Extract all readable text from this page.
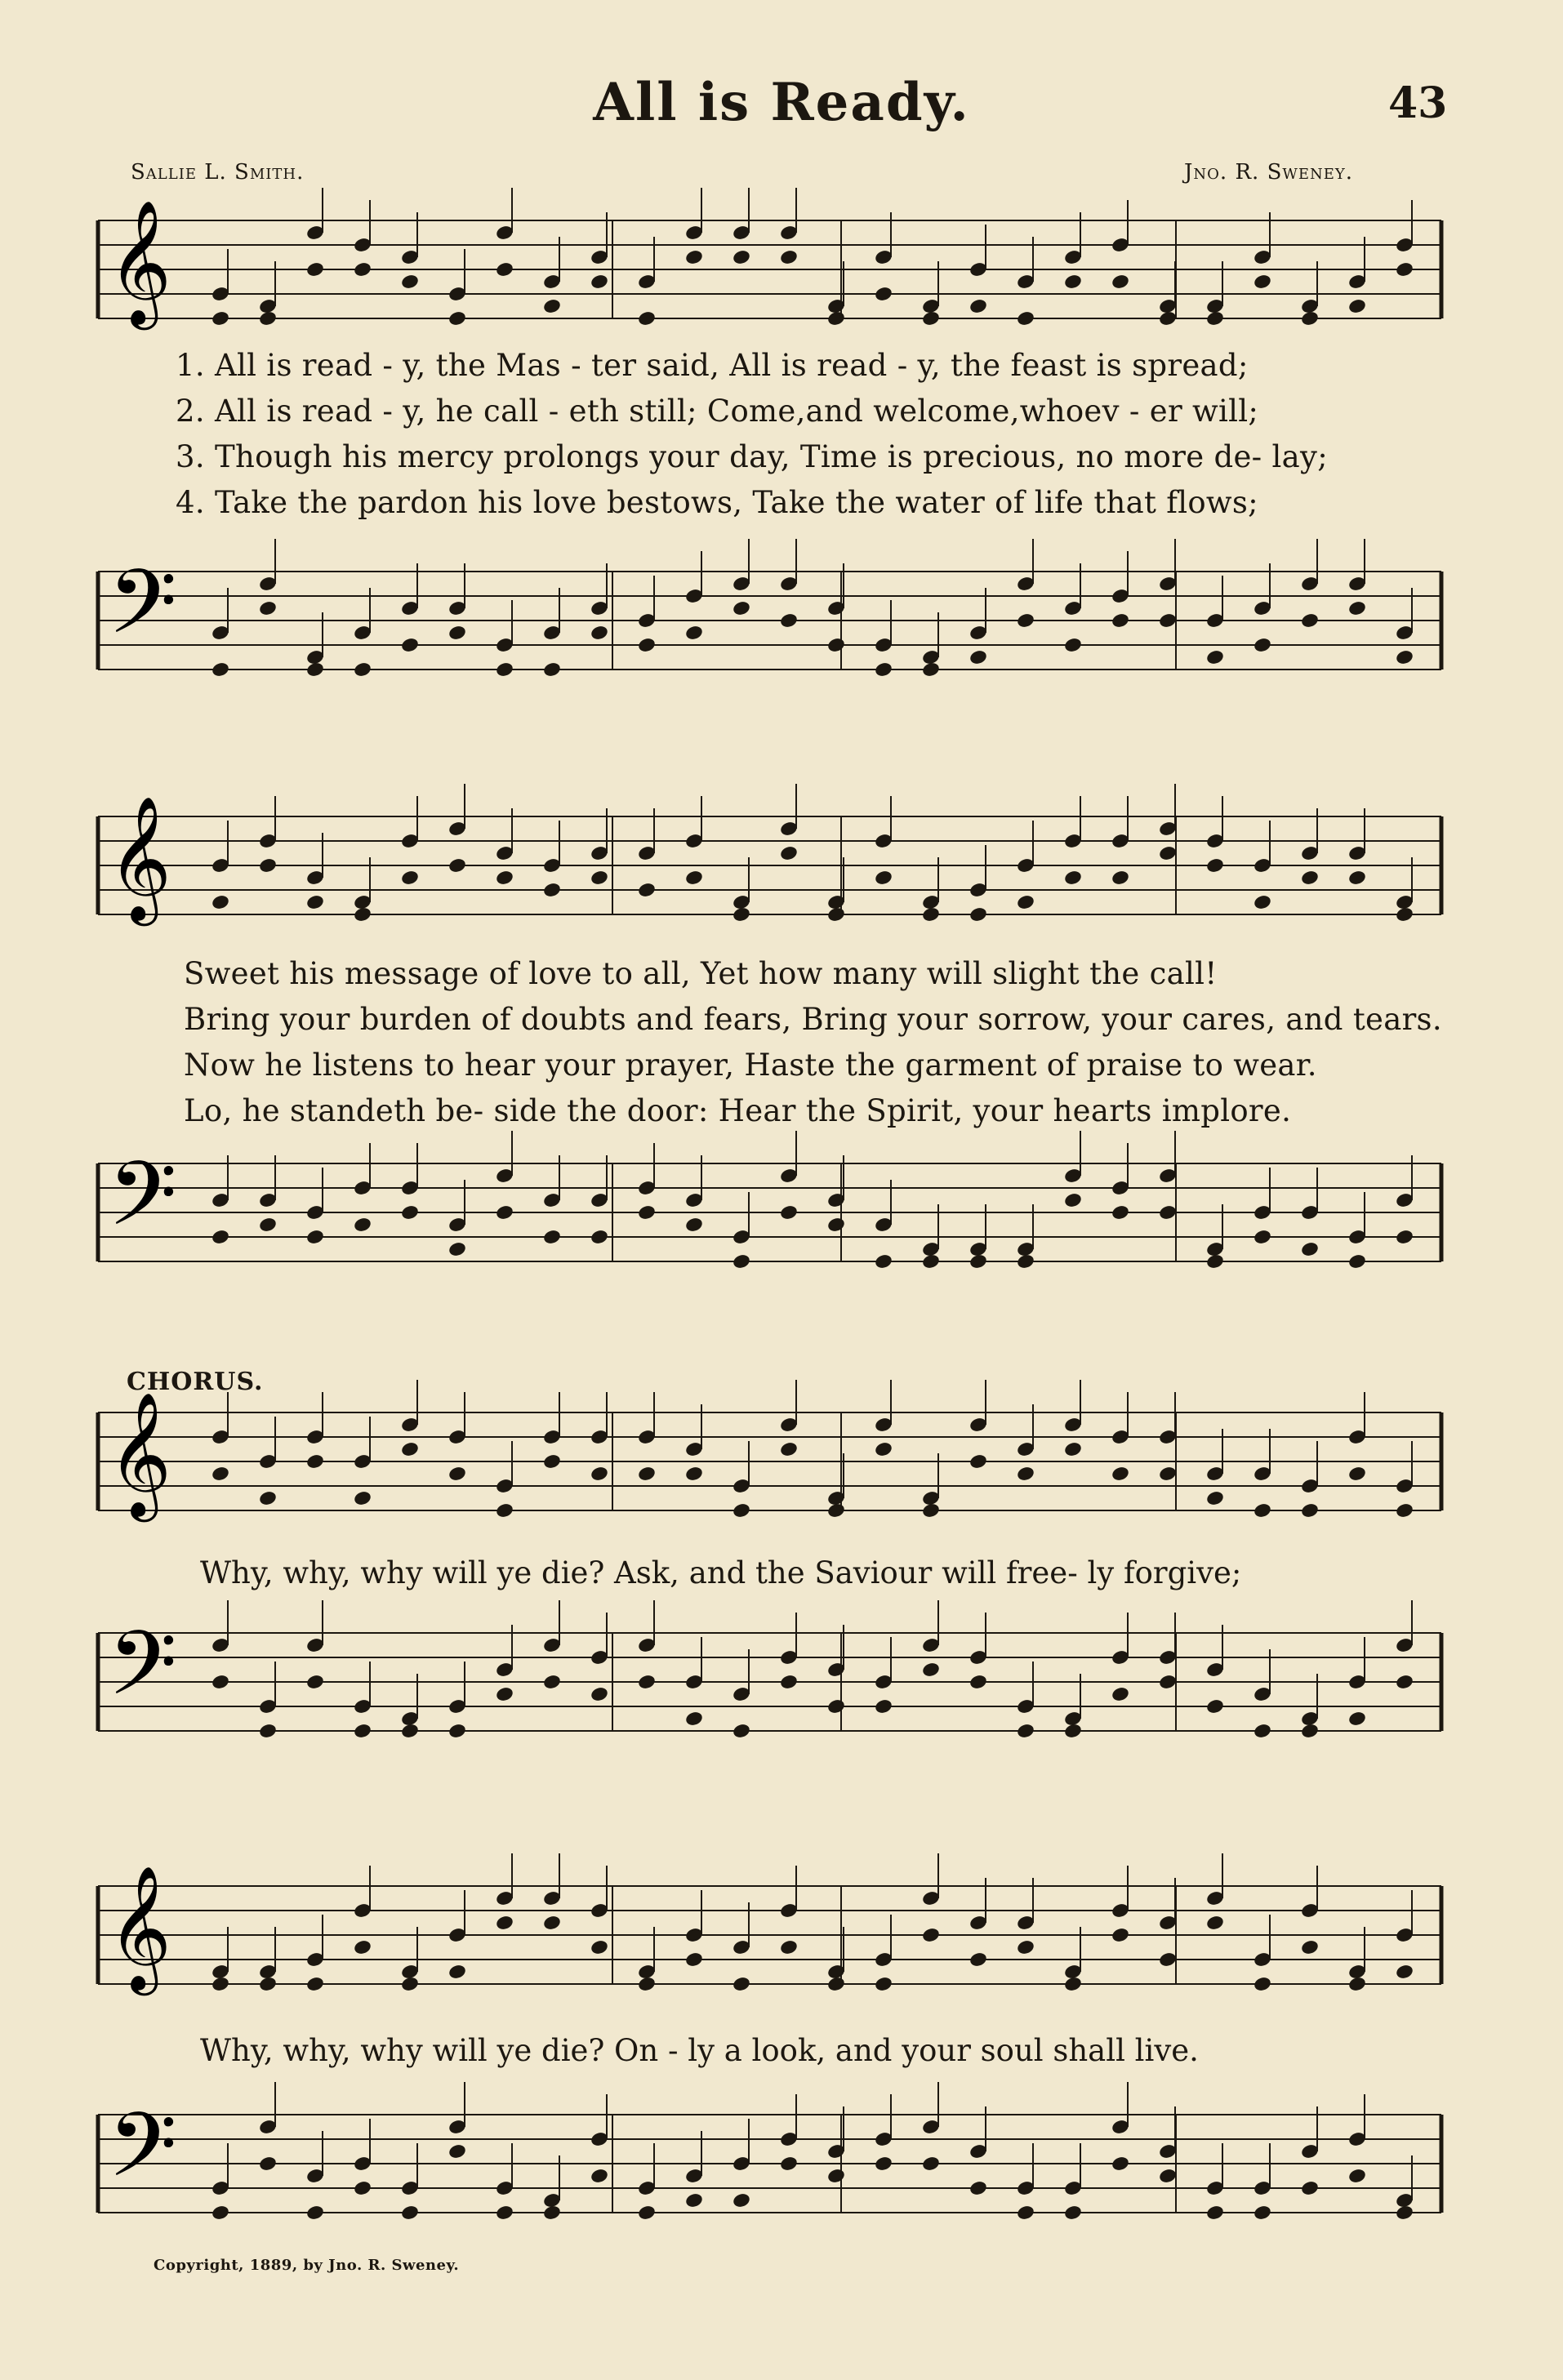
All is Ready.	43
Sallie L. Smith.	Jno. R. Sweney.
𝄞
1. All is read - y, the Mas - ter said, All is read - y, the feast is spread;
2. All is read - y, he call - eth still; Come,and welcome,whoev - er will;
3. Though his mercy prolongs your day, Time is precious, no more de- lay;
4. Take the pardon his love bestows, Take the water of life that flows;
𝄢
𝄞
Sweet his message of love to all, Yet how many will slight the call!
Bring your burden of doubts and fears, Bring your sorrow, your cares, and tears.
Now he listens to hear your prayer, Haste the garment of praise to wear.
Lo, he standeth be- side the door: Hear the Spirit, your hearts implore.
𝄢
CHORUS.
𝄞
𝄢
Why, why, why will ye die? Ask, and the Saviour will free- ly forgive;
𝄞
𝄢
Why, why, why will ye die? On - ly a look, and your soul shall live.
Copyright, 1889, by Jno. R. Sweney.
